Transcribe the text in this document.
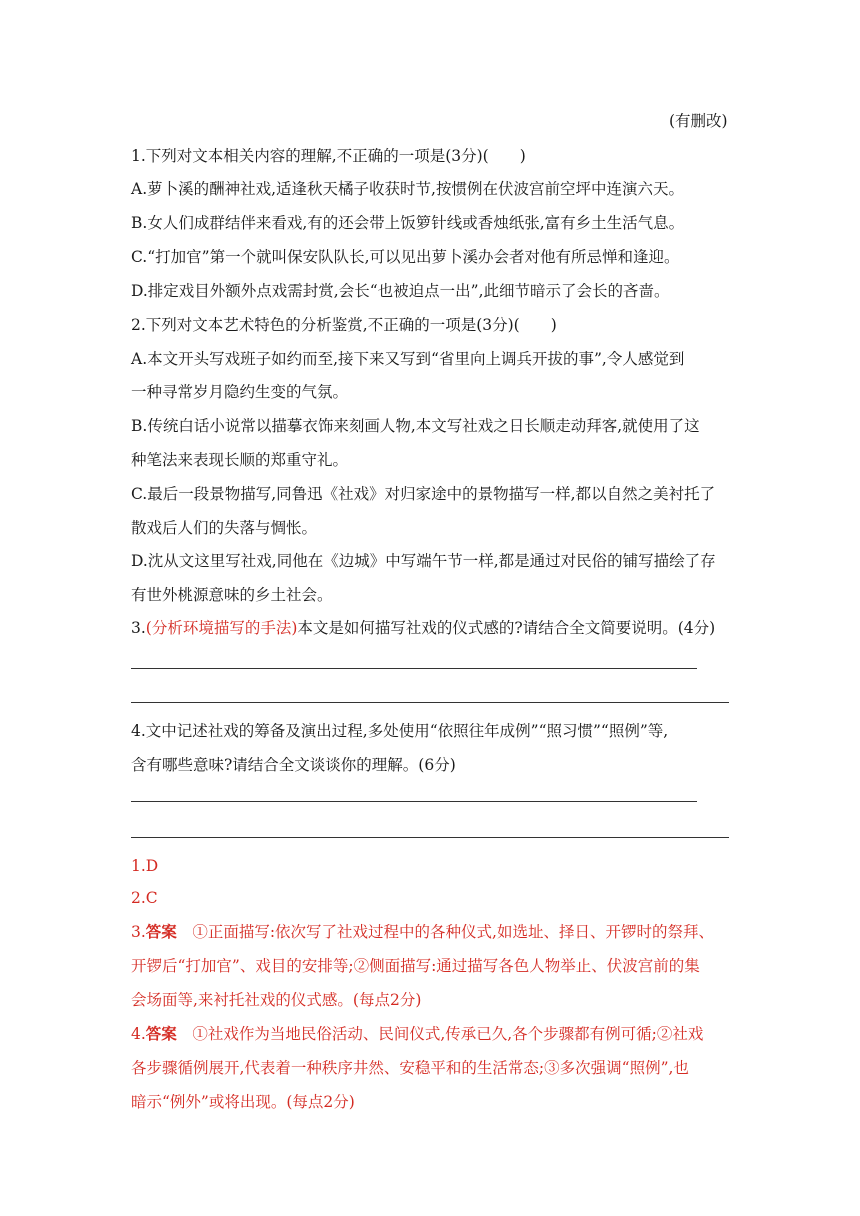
(有删改)
1.下列对文本相关内容的理解,不正确的一项是(3分)(　　)
A.萝卜溪的酬神社戏,适逢秋天橘子收获时节,按惯例在伏波宫前空坪中连演六天。
B.女人们成群结伴来看戏,有的还会带上饭箩针线或香烛纸张,富有乡土生活气息。
C.“打加官”第一个就叫保安队队长,可以见出萝卜溪办会者对他有所忌惮和逢迎。
D.排定戏目外额外点戏需封赏,会长“也被迫点一出”,此细节暗示了会长的吝啬。
2.下列对文本艺术特色的分析鉴赏,不正确的一项是(3分)(　　)
A.本文开头写戏班子如约而至,接下来又写到“省里向上调兵开拔的事”,令人感觉到
一种寻常岁月隐约生变的气氛。
B.传统白话小说常以描摹衣饰来刻画人物,本文写社戏之日长顺走动拜客,就使用了这
种笔法来表现长顺的郑重守礼。
C.最后一段景物描写,同鲁迅《社戏》对归家途中的景物描写一样,都以自然之美衬托了
散戏后人们的失落与惆怅。
D.沈从文这里写社戏,同他在《边城》中写端午节一样,都是通过对民俗的铺写描绘了存
有世外桃源意味的乡土社会。
3.(分析环境描写的手法)本文是如何描写社戏的仪式感的?请结合全文简要说明。(4分)
4.文中记述社戏的筹备及演出过程,多处使用“依照往年成例”“照习惯”“照例”等,
含有哪些意味?请结合全文谈谈你的理解。(6分)
1.D
2.C
3.答案　 ①正面描写:依次写了社戏过程中的各种仪式,如选址、择日、开锣时的祭拜、
开锣后“打加官”、戏目的安排等;②侧面描写:通过描写各色人物举止、伏波宫前的集
会场面等,来衬托社戏的仪式感。(每点2分)
4.答案　 ①社戏作为当地民俗活动、民间仪式,传承已久,各个步骤都有例可循;②社戏
各步骤循例展开,代表着一种秩序井然、安稳平和的生活常态;③多次强调“照例”,也
暗示“例外”或将出现。(每点2分)
